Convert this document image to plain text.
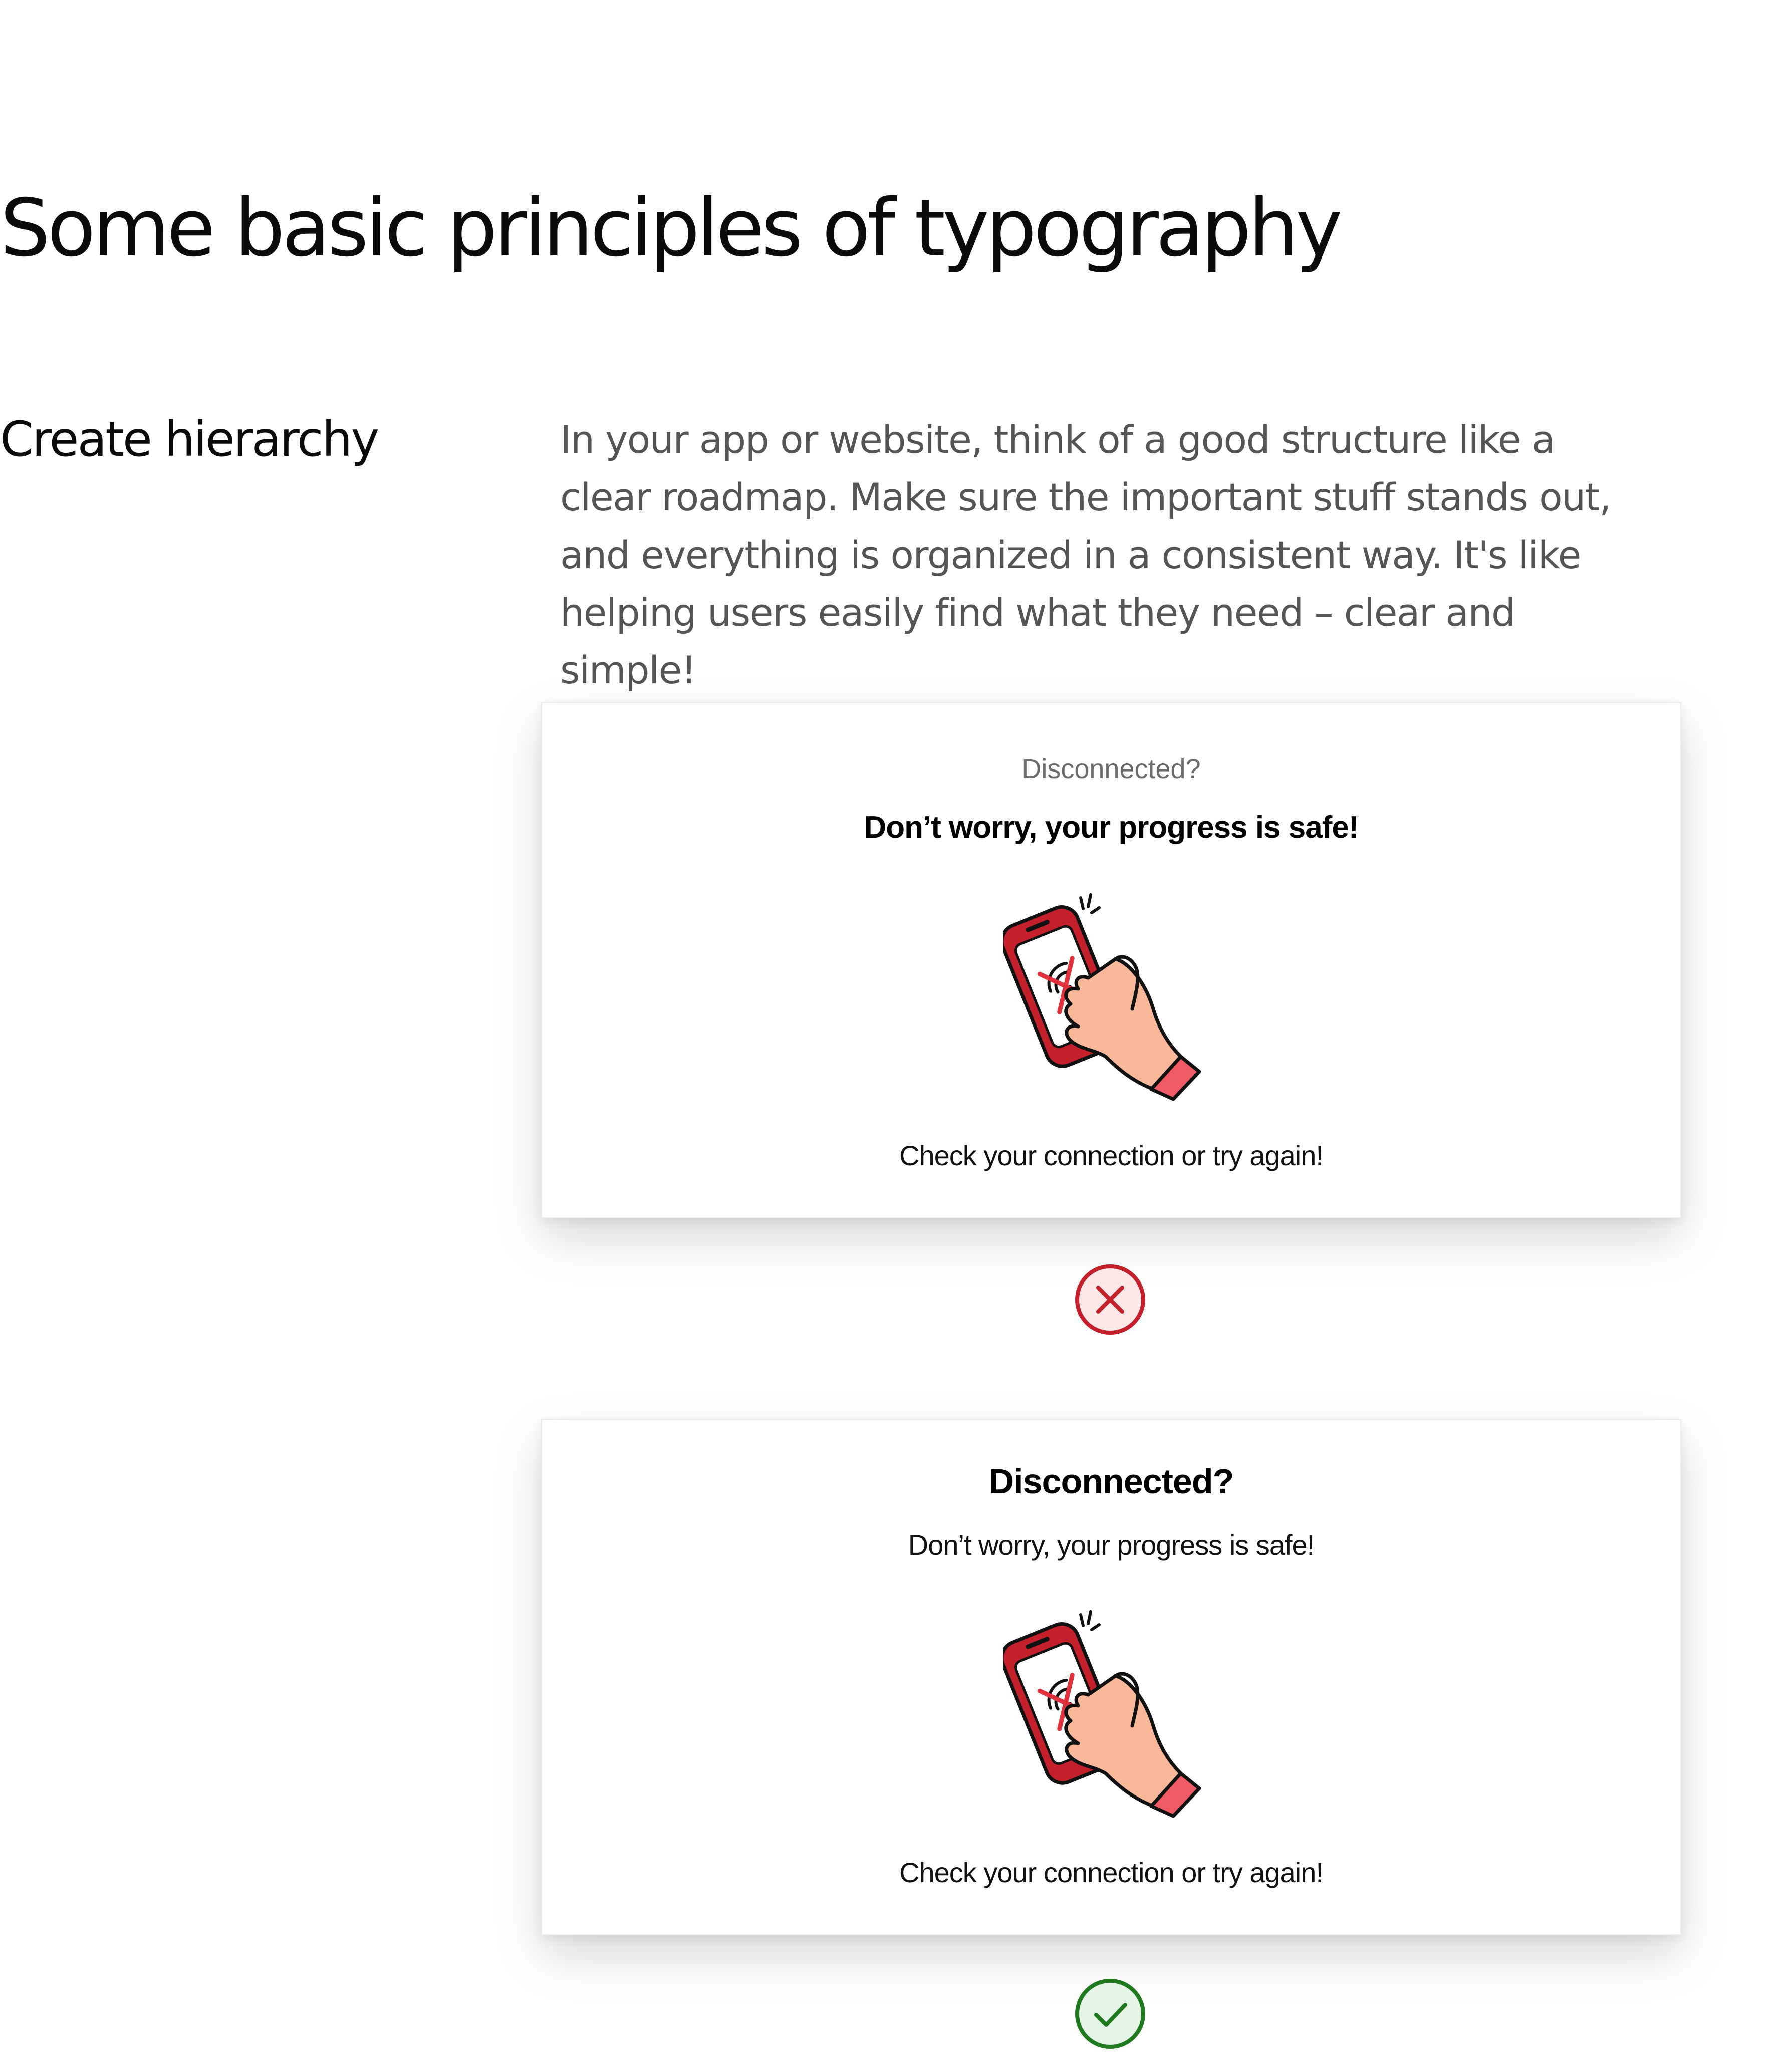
Some basic principles of typography
Create hierarchy	In your app or website, think of a good structure like a clear roadmap. Make sure the important stuff stands out, and everything is organized in a consistent way. It's like helping users easily find what they need – clear and simple!

Disconnected?
Don’t worry, your progress is safe!
Check your connection or try again!
Disconnected?
Don’t worry, your progress is safe!
Check your connection or try again!
